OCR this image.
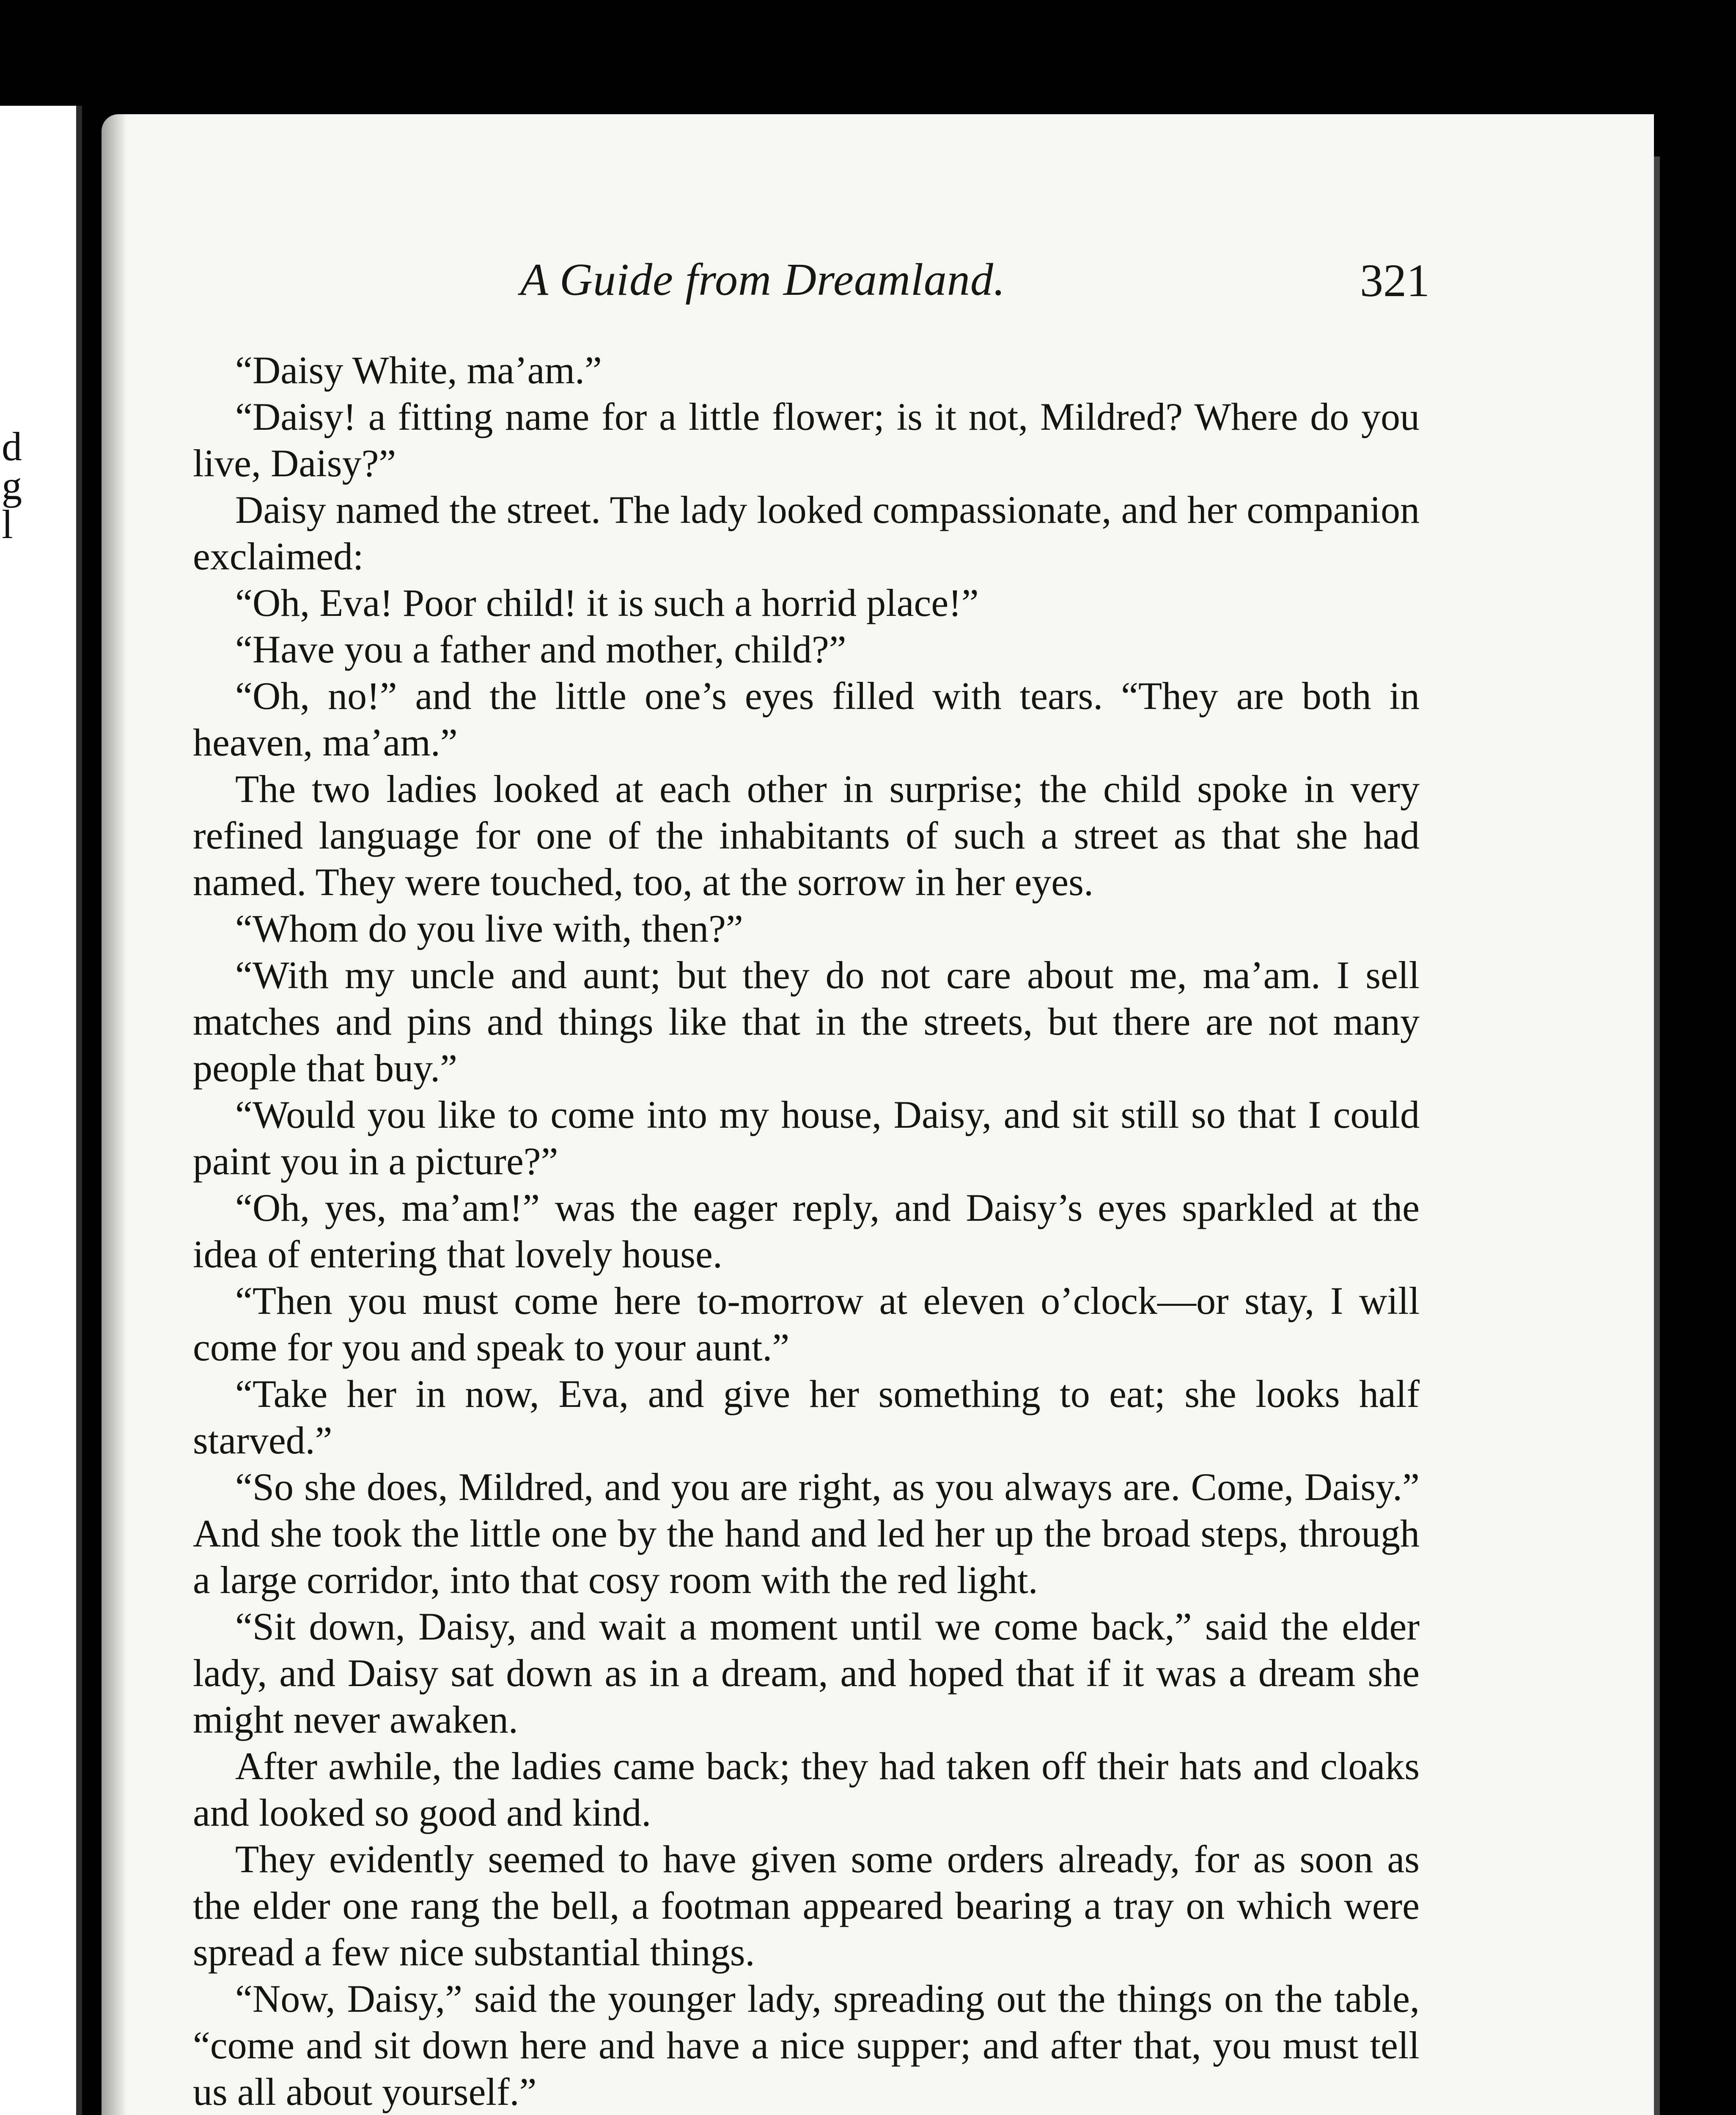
d
g
l
A Guide from Dreamland.	321

“Daisy White, ma’am.”

“Daisy! a fitting name for a little flower; is it not, Mildred? Where do you live, Daisy?”

Daisy named the street. The lady looked compassionate, and her companion exclaimed:

“Oh, Eva! Poor child! it is such a horrid place!”

“Have you a father and mother, child?”

“Oh, no!” and the little one’s eyes filled with tears. “They are both in heaven, ma’am.”

The two ladies looked at each other in surprise; the child spoke in very refined language for one of the inhabitants of such a street as that she had named. They were touched, too, at the sorrow in her eyes.

“Whom do you live with, then?”

“With my uncle and aunt; but they do not care about me, ma’am. I sell matches and pins and things like that in the streets, but there are not many people that buy.”

“Would you like to come into my house, Daisy, and sit still so that I could paint you in a picture?”

“Oh, yes, ma’am!” was the eager reply, and Daisy’s eyes sparkled at the idea of entering that lovely house.

“Then you must come here to-morrow at eleven o’clock—or stay, I will come for you and speak to your aunt.”

“Take her in now, Eva, and give her something to eat; she looks half starved.”

“So she does, Mildred, and you are right, as you always are. Come, Daisy.” And she took the little one by the hand and led her up the broad steps, through a large corridor, into that cosy room with the red light.

“Sit down, Daisy, and wait a moment until we come back,” said the elder lady, and Daisy sat down as in a dream, and hoped that if it was a dream she might never awaken.

After awhile, the ladies came back; they had taken off their hats and cloaks and looked so good and kind.

They evidently seemed to have given some orders already, for as soon as the elder one rang the bell, a footman appeared bearing a tray on which were spread a few nice substantial things.

“Now, Daisy,” said the younger lady, spreading out the things on the table, “come and sit down here and have a nice supper; and after that, you must tell us all about yourself.”
